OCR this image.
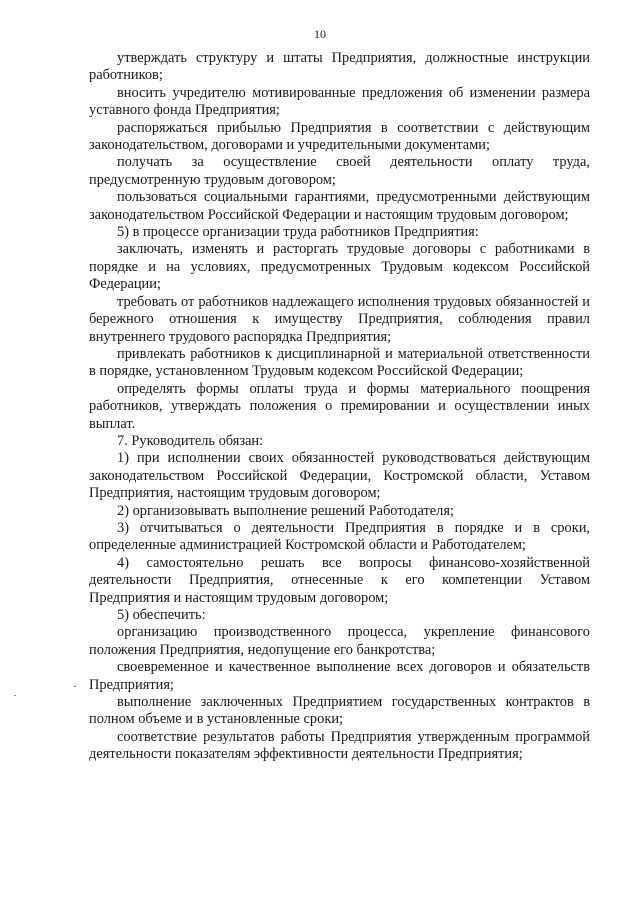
10

утверждать структуру и штаты Предприятия, должностные инструкции работников;

вносить учредителю мотивированные предложения об изменении размера уставного фонда Предприятия;

распоряжаться прибылью Предприятия в соответствии с действующим законодательством, договорами и учредительными документами;

получать за осуществление своей деятельности оплату труда, предусмотренную трудовым договором;

пользоваться социальными гарантиями, предусмотренными действующим законодательством Российской Федерации и настоящим трудовым договором;

5) в процессе организации труда работников Предприятия:

заключать, изменять и расторгать трудовые договоры с работниками в порядке и на условиях, предусмотренных Трудовым кодексом Российской Федерации;

требовать от работников надлежащего исполнения трудовых обязанностей и бережного отношения к имуществу Предприятия, соблюдения правил внутреннего трудового распорядка Предприятия;

привлекать работников к дисциплинарной и материальной ответственности в порядке, установленном Трудовым кодексом Российской Федерации;

определять формы оплаты труда и формы материального поощрения работников, утверждать положения о премировании и осуществлении иных выплат.

7. Руководитель обязан:

1) при исполнении своих обязанностей руководствоваться действующим законодательством Российской Федерации, Костромской области, Уставом Предприятия, настоящим трудовым договором;

2) организовывать выполнение решений Работодателя;

3) отчитываться о деятельности Предприятия в порядке и в сроки, определенные администрацией Костромской области и Работодателем;

4) самостоятельно решать все вопросы финансово-хозяйственной деятельности Предприятия, отнесенные к его компетенции Уставом Предприятия и настоящим трудовым договором;

5) обеспечить:

организацию производственного процесса, укрепление финансового положения Предприятия, недопущение его банкротства;

своевременное и качественное выполнение всех договоров и обязательств Предприятия;

выполнение заключенных Предприятием государственных контрактов в полном объеме и в установленные сроки;

соответствие результатов работы Предприятия утвержденным программой деятельности показателям эффективности деятельности Предприятия;
